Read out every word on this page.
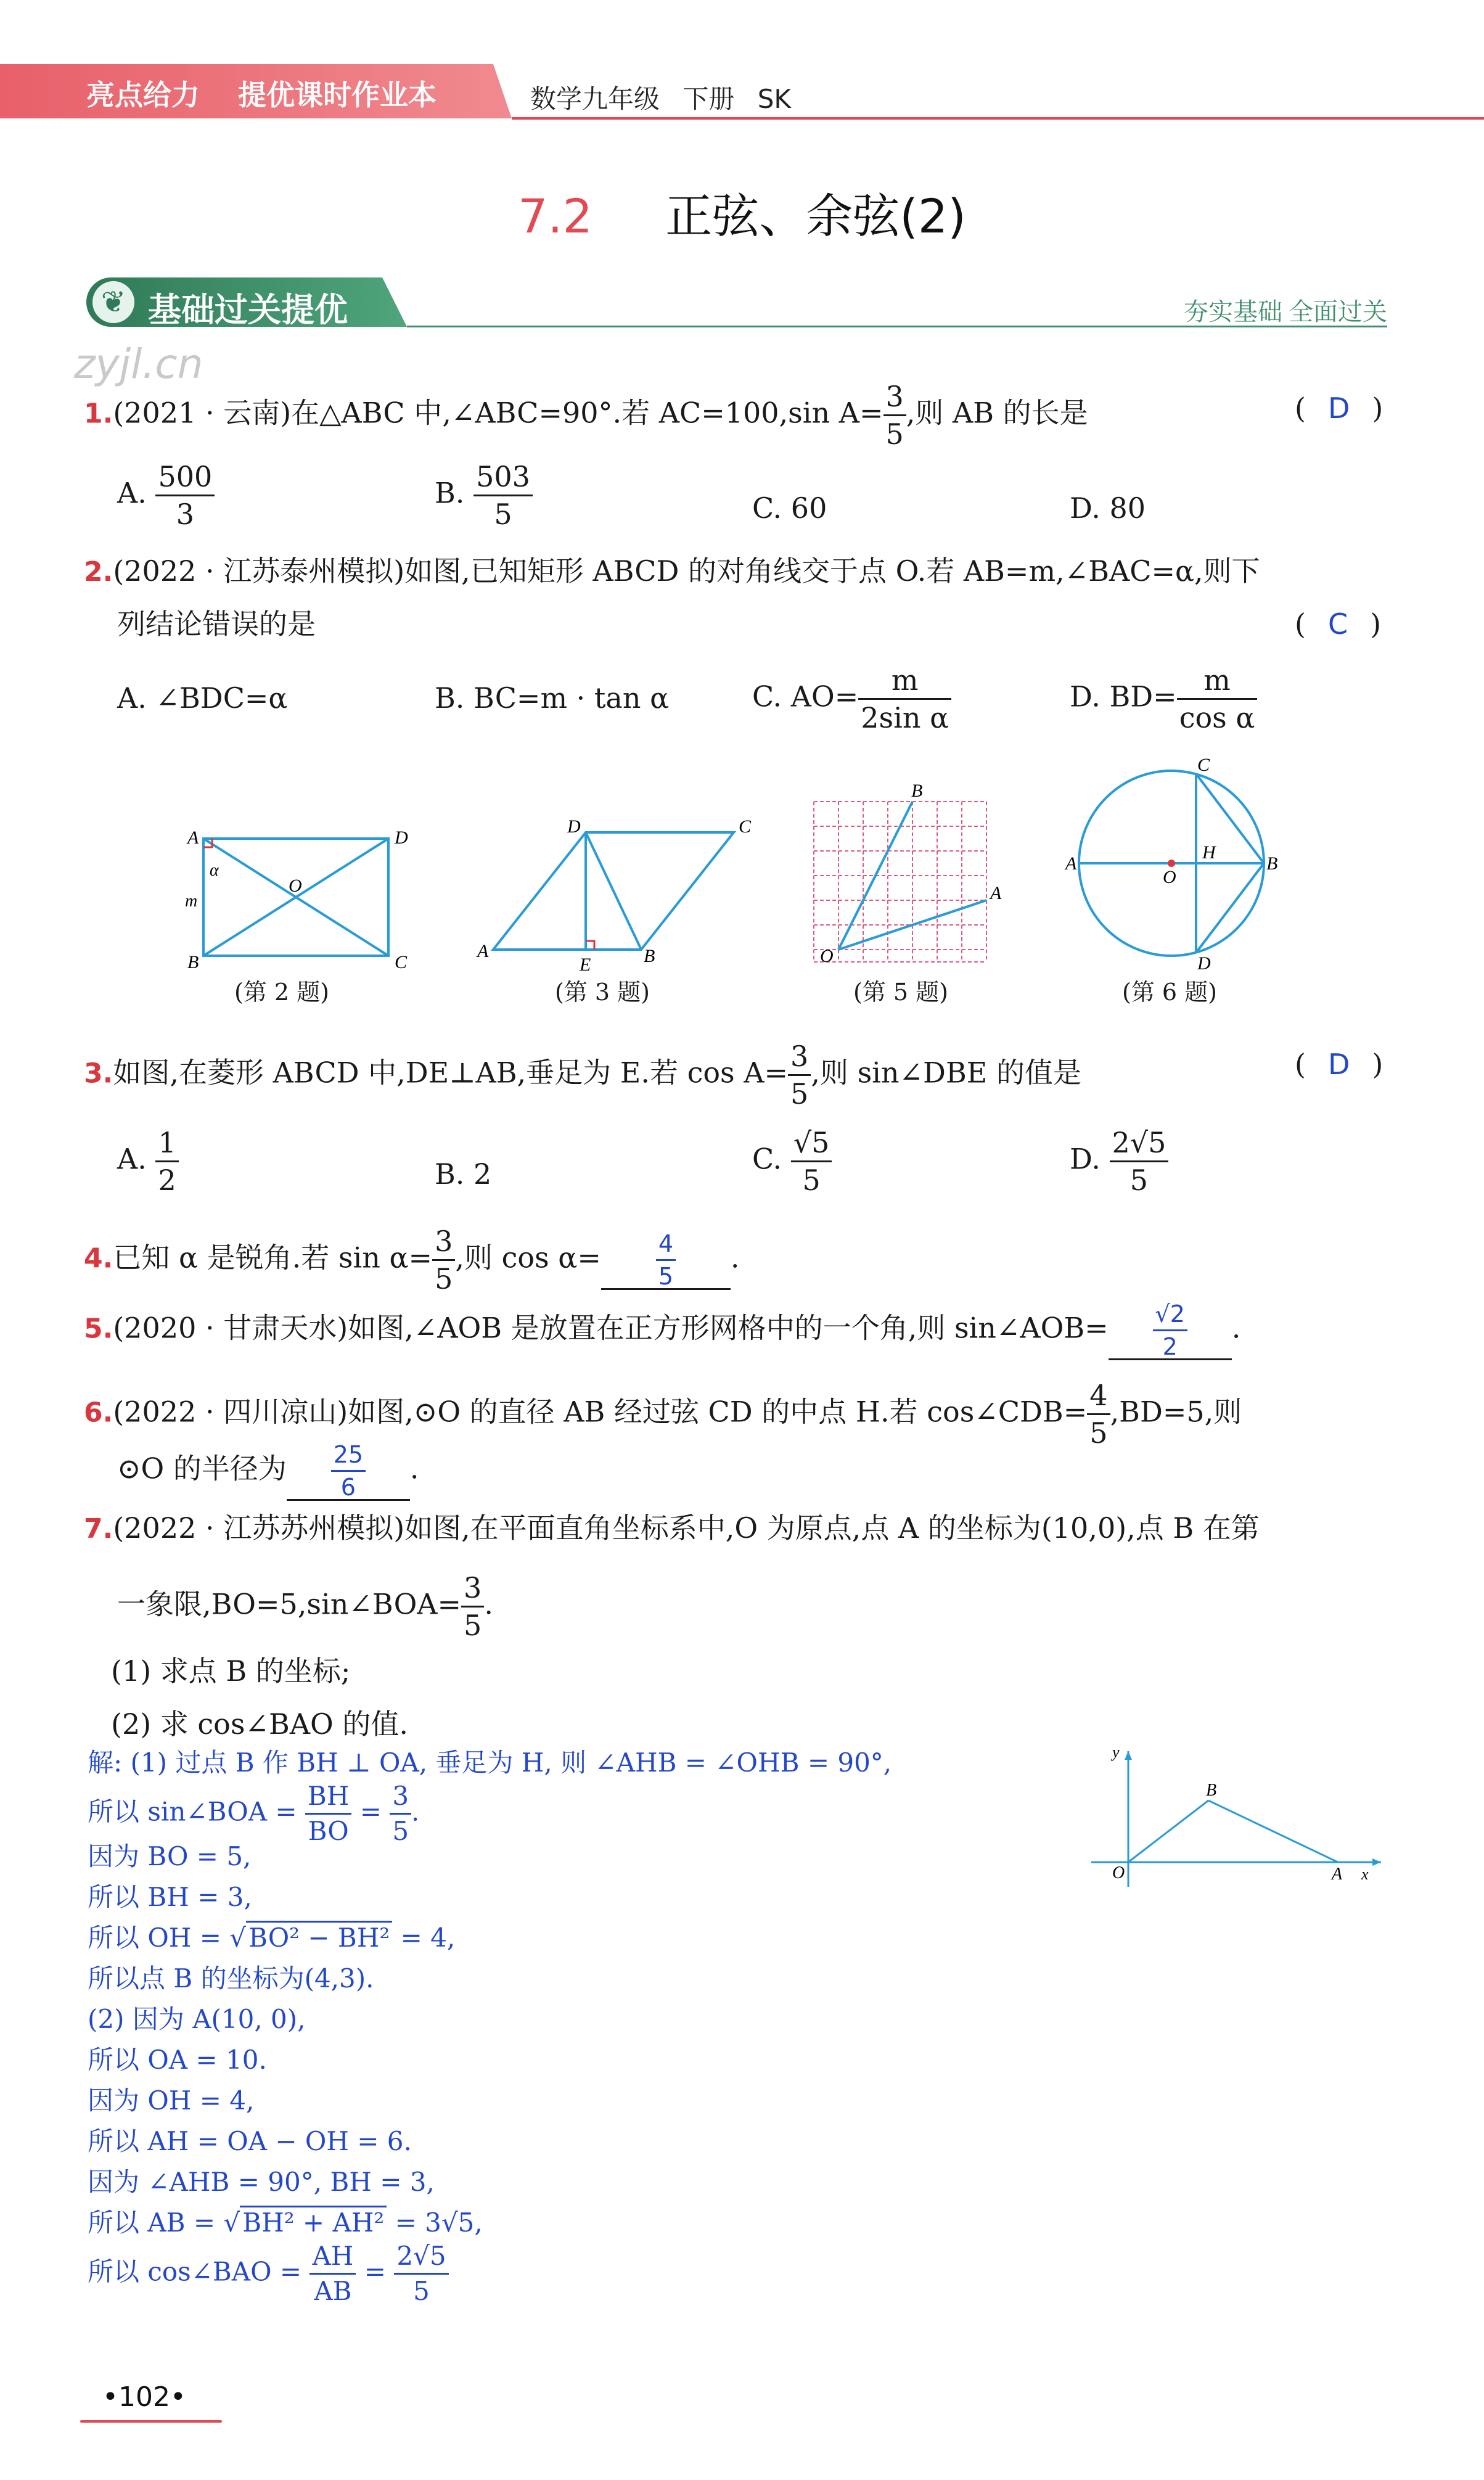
亮点给力 提优课时作业本	数学九年级 下册 SK
7.2 正弦、余弦(2)
❦ 基础过关提优	夯实基础 全面过关
zyjl.cn
1.(2021 · 云南)在△ABC 中,∠ABC=90°.若 AC=100,sin $A= \frac{3}{5}$ ,则 AB 的长是	( D )
A. $\frac{500}{3}$	B. $\frac{503}{5}$	C. 60	D. 80
2.(2022 · 江苏泰州模拟)如图,已知矩形 ABCD 的对角线交于点 O.若 AB=m,∠BAC=α,则下
列结论错误的是	( C )
A. ∠BDC=α	B. BC=m · tan α	C. $AO= \frac{m}{\text{2sin α}}$	D. $BD= \frac{m}{\text{cos α}}$
A	D
B	C
O
α
m
(第 2 题)
A
D	C
B
E
(第 3 题)
O
B
A
(第 5 题)
A	B
C
D
O
H
(第 6 题)
3.如图,在菱形 ABCD 中,DE⊥AB,垂足为 E.若 $\cos A= \frac{3}{5}$ ,则 sin∠DBE 的值是	( D )
A. $\frac{1}{2}$	B. 2	C. $\frac{√5}{5}$	D. $\frac{2√5}{5}$
4.已知 α 是锐角.若 $\sin \alpha= \frac{3}{5}$ ,则 $\cos \alpha= \frac{4}{5}$ .
5.(2020 · 甘肃天水)如图,∠AOB 是放置在正方形网格中的一个角,则 sin∠AOB= $\frac{√2}{2}$ .
6.(2022 · 四川凉山)如图,⊙O 的直径 AB 经过弦 CD 的中点 H.若 cos∠CDB= $\frac{4}{5} ,BD=5$,则
⊙O 的半径为 $\frac{25}{6}$ .
7.(2022 · 江苏苏州模拟)如图,在平面直角坐标系中,O 为原点,点 A 的坐标为(10,0),点 B 在第
一象限,BO=5,sin∠BOA= $\frac{3}{5}$ .
(1) 求点 B 的坐标;
(2) 求 cos∠BAO 的值.
O
y
B
A x
解: (1) 过点 B 作 BH ⊥ OA, 垂足为 H, 则 ∠AHB = ∠OHB = 90°,
所以 sin∠BOA = $\frac{BH}{BO} = \frac{3}{5}$ .
因为 BO = 5,
所以 BH = 3,
所以 OH = √BO² − BH² = 4,
所以点 B 的坐标为(4,3).
(2) 因为 A(10, 0),
所以 OA = 10.
因为 OH = 4,
所以 AH = OA − OH = 6.
因为 ∠AHB = 90°, BH = 3,
所以 AB = √BH² + AH² = 3√5,
所以 cos∠BAO = $\frac{AH}{AB} = \frac{2√5}{5}$
•102•
